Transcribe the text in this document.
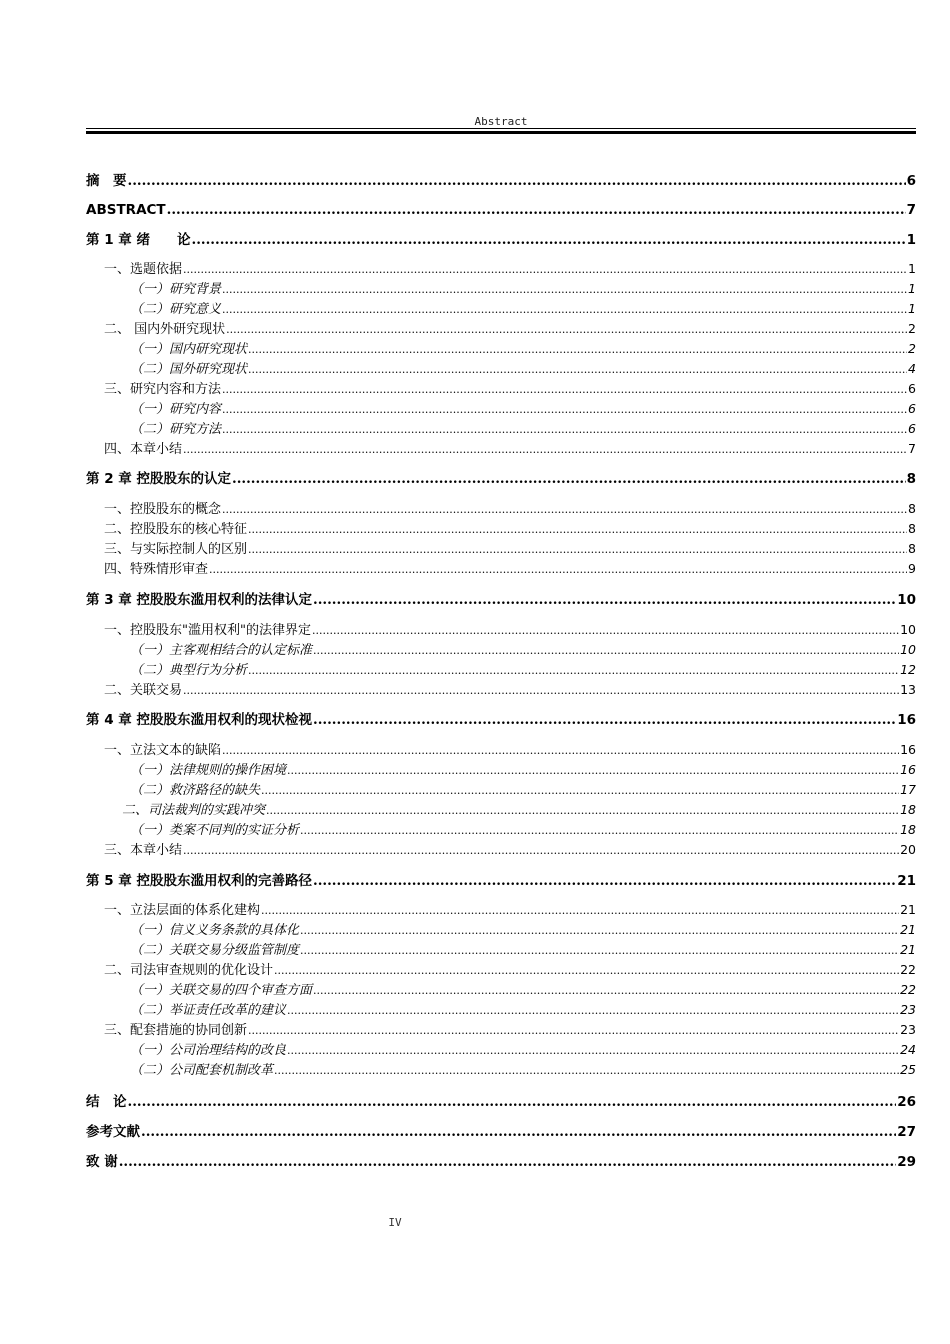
Abstract
摘　要 .....	6
ABSTRACT .....	7
第 1 章 绪　　论 .....	1
一、选题依据 .....	1
（一）研究背景 .....	1
（二）研究意义 .....	1
二、 国内外研究现状 .....	2
（一）国内研究现状 .....	2
（二）国外研究现状 .....	4
三、研究内容和方法 .....	6
（一）研究内容 .....	6
（二）研究方法 .....	6
四、本章小结 .....	7
第 2 章 控股股东的认定 .....	8
一、控股股东的概念 .....	8
二、控股股东的核心特征 .....	8
三、与实际控制人的区别 .....	8
四、特殊情形审查 .....	9
第 3 章 控股股东滥用权利的法律认定 .....	10
一、控股股东"滥用权利"的法律界定 .....	10
（一）主客观相结合的认定标准 .....	10
（二）典型行为分析 .....	12
二、关联交易 .....	13
第 4 章 控股股东滥用权利的现状检视 .....	16
一、立法文本的缺陷 .....	16
（一）法律规则的操作困境 .....	16
（二）救济路径的缺失 .....	17
二、司法裁判的实践冲突 .....	18
（一）类案不同判的实证分析 .....	18
三、本章小结 .....	20
第 5 章 控股股东滥用权利的完善路径 .....	21
一、立法层面的体系化建构 .....	21
（一）信义义务条款的具体化 .....	21
（二）关联交易分级监管制度 .....	21
二、司法审查规则的优化设计 .....	22
（一）关联交易的四个审查方面 .....	22
（二）举证责任改革的建议 .....	23
三、配套措施的协同创新 .....	23
（一）公司治理结构的改良 .....	24
（二）公司配套机制改革 .....	25
结　论 .....	26
参考文献 .....	27
致 谢 .....	29
IV
